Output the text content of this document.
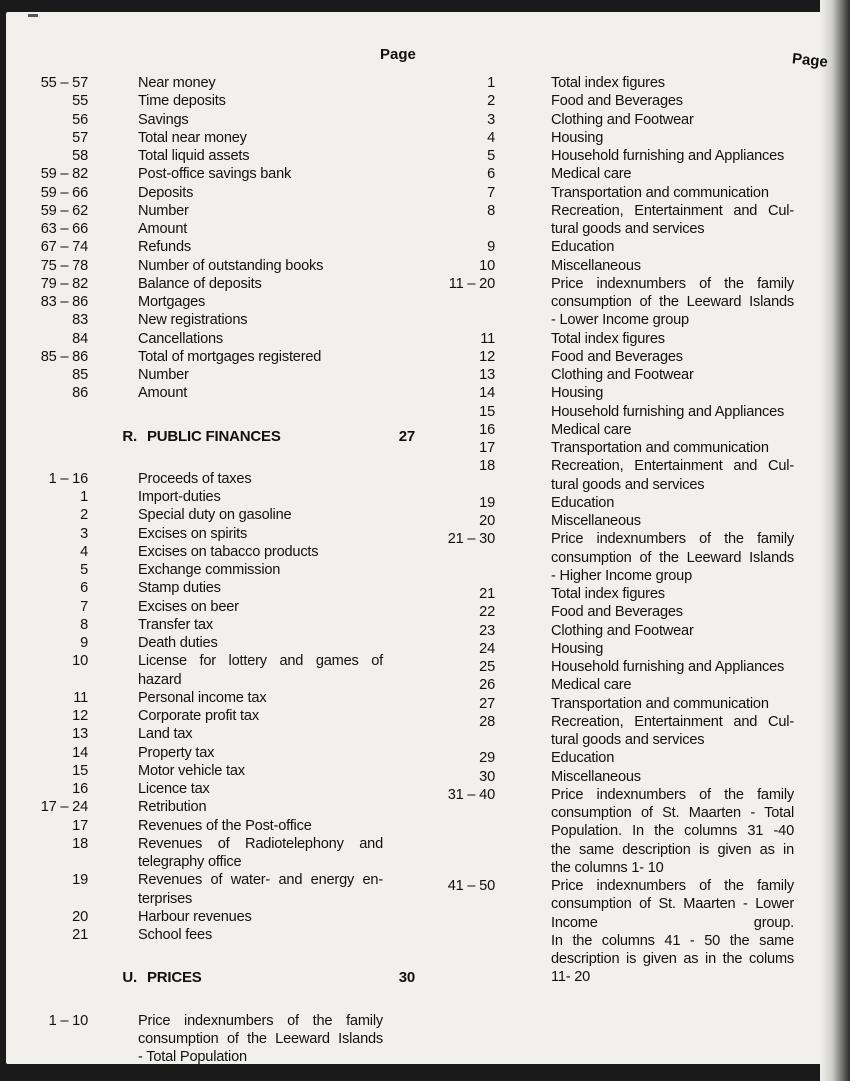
Page	Page
55 – 57	Near money
55	Time deposits
56	Savings
57	Total near money
58	Total liquid assets
59 – 82	Post-office savings bank
59 – 66	Deposits
59 – 62	Number
63 – 66	Amount
67 – 74	Refunds
75 – 78	Number of outstanding books
79 – 82	Balance of deposits
83 – 86	Mortgages
83	New registrations
84	Cancellations
85 – 86	Total of mortgages registered
85	Number
86	Amount
R. PUBLIC FINANCES	27
1 – 16	Proceeds of taxes
1	Import-duties
2	Special duty on gasoline
3	Excises on spirits
4	Excises on tabacco products
5	Exchange commission
6	Stamp duties
7	Excises on beer
8	Transfer tax
9	Death duties
10	License for lottery and games of
hazard
11	Personal income tax
12	Corporate profit tax
13	Land tax
14	Property tax
15	Motor vehicle tax
16	Licence tax
17 – 24	Retribution
17	Revenues of the Post-office
18	Revenues of Radiotelephony and
telegraphy office
19	Revenues of water- and energy en-
terprises
20	Harbour revenues
21	School fees
U. PRICES	30
1 – 10	Price indexnumbers of the family
consumption of the Leeward Islands
- Total Population
1	Total index figures
2	Food and Beverages
3	Clothing and Footwear
4	Housing
5	Household furnishing and Appliances
6	Medical care
7	Transportation and communication
8	Recreation, Entertainment and Cul-
tural goods and services
9	Education
10	Miscellaneous
11 – 20	Price indexnumbers of the family
consumption of the Leeward Islands
- Lower Income group
11	Total index figures
12	Food and Beverages
13	Clothing and Footwear
14	Housing
15	Household furnishing and Appliances
16	Medical care
17	Transportation and communication
18	Recreation, Entertainment and Cul-
tural goods and services
19	Education
20	Miscellaneous
21 – 30	Price indexnumbers of the family
consumption of the Leeward Islands
- Higher Income group
21	Total index figures
22	Food and Beverages
23	Clothing and Footwear
24	Housing
25	Household furnishing and Appliances
26	Medical care
27	Transportation and communication
28	Recreation, Entertainment and Cul-
tural goods and services
29	Education
30	Miscellaneous
31 – 40	Price indexnumbers of the family
consumption of St. Maarten - Total
Population. In the columns 31 -40
the same description is given as in
the columns 1- 10
41 – 50	Price indexnumbers of the family
consumption of St. Maarten - Lower
Income group.
In the columns 41 - 50 the same
description is given as in the colums
11- 20
